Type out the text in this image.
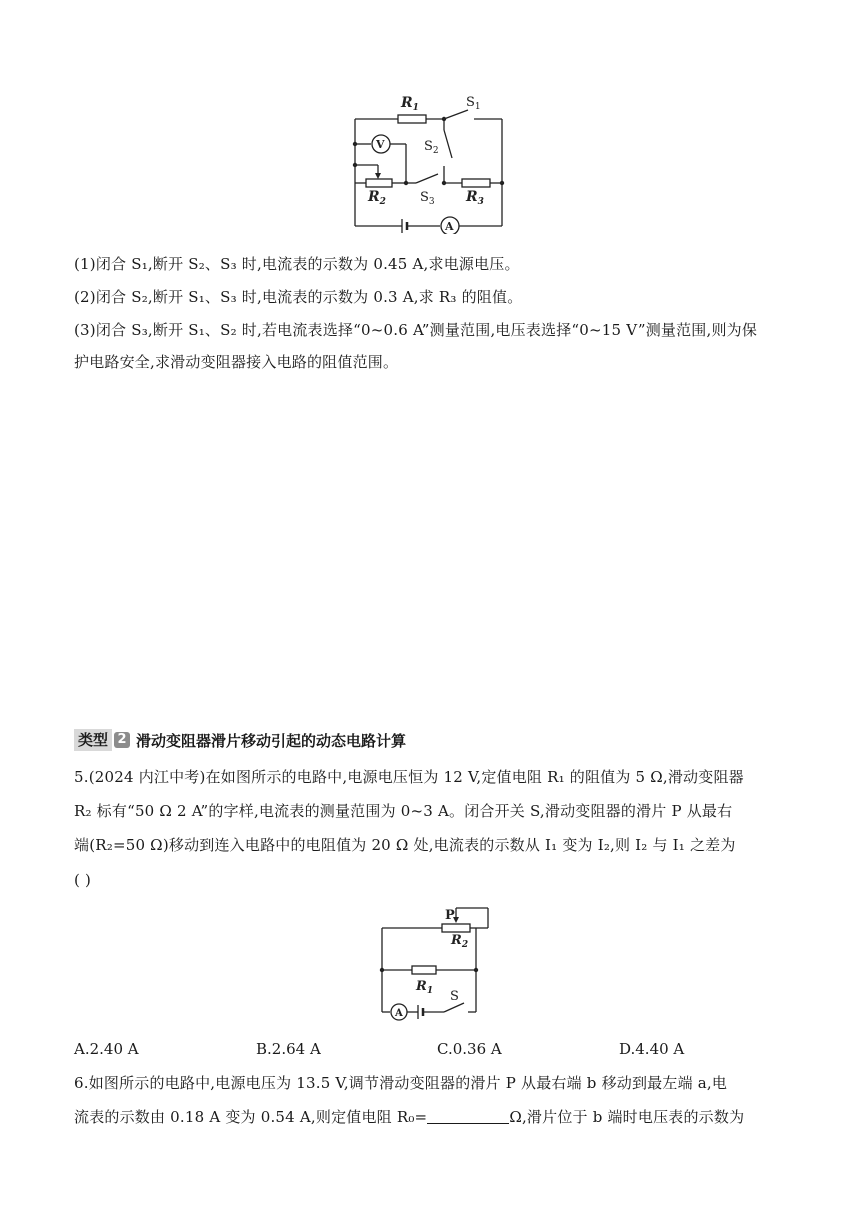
$R_1$
$R_2$	$R_3$
$S_1$
$S_2$
$S_3$
V
A
(1)闭合 S₁,断开 S₂、S₃ 时,电流表的示数为 0.45 A,求电源电压。
(2)闭合 S₂,断开 S₁、S₃ 时,电流表的示数为 0.3 A,求 R₃ 的阻值。
(3)闭合 S₃,断开 S₁、S₂ 时,若电流表选择“0~0.6 A”测量范围,电压表选择“0~15 V”测量范围,则为保
护电路安全,求滑动变阻器接入电路的阻值范围。
类型 2 滑动变阻器滑片移动引起的动态电路计算
5.(2024 内江中考)在如图所示的电路中,电源电压恒为 12 V,定值电阻 R₁ 的阻值为 5 Ω,滑动变阻器
R₂ 标有“50 Ω 2 A”的字样,电流表的测量范围为 0~3 A。闭合开关 S,滑动变阻器的滑片 P 从最右
端(R₂=50 Ω)移动到连入电路中的电阻值为 20 Ω 处,电流表的示数从 I₁ 变为 I₂,则 I₂ 与 I₁ 之差为
( )
P
$R_2$
$R_1$ S
A
A.2.40 A	B.2.64 A	C.0.36 A	D.4.40 A
6.如图所示的电路中,电源电压为 13.5 V,调节滑动变阻器的滑片 P 从最右端 b 移动到最左端 a,电
流表的示数由 0.18 A 变为 0.54 A,则定值电阻 R₀=	Ω,滑片位于 b 端时电压表的示数为
